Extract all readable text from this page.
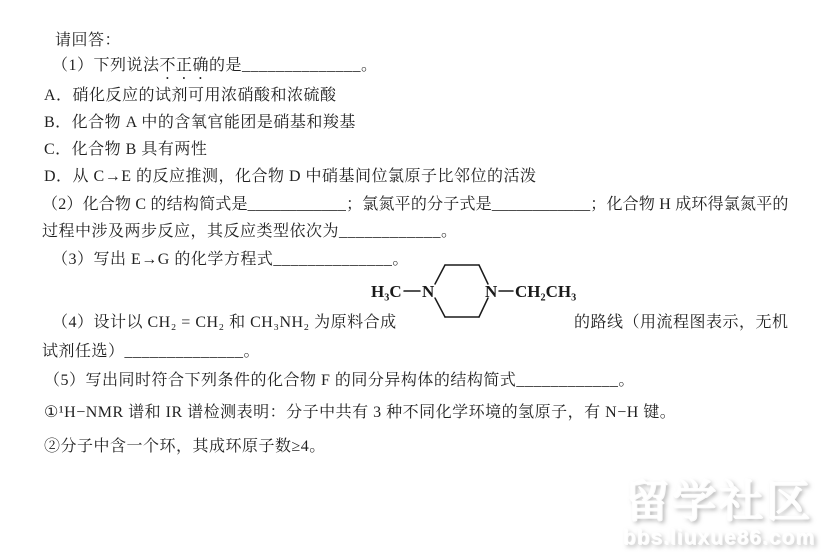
请回答：
（1）下列说法不正确的是______________。
A．硝化反应的试剂可用浓硝酸和浓硫酸
B．化合物 A 中的含氧官能团是硝基和羧基
C．化合物 B 具有两性
D．从 C→E 的反应推测，化合物 D 中硝基间位氯原子比邻位的活泼
（2）化合物 C 的结构简式是____________；氯氮平的分子式是____________；化合物 H 成环得氯氮平的
过程中涉及两步反应，其反应类型依次为____________。
（3）写出 E→G 的化学方程式______________。
H₃C N	N CH₂CH₃
（4）设计以 CH₂ = CH₂ 和 CH₃NH₂ 为原料合成	的路线（用流程图表示，无机
试剂任选）______________。
（5）写出同时符合下列条件的化合物 F 的同分异构体的结构简式____________。
①¹H−NMR 谱和 IR 谱检测表明：分子中共有 3 种不同化学环境的氢原子，有 N−H 键。
②分子中含一个环，其成环原子数≥4。
留学社区
bbs.liuxue86.com
